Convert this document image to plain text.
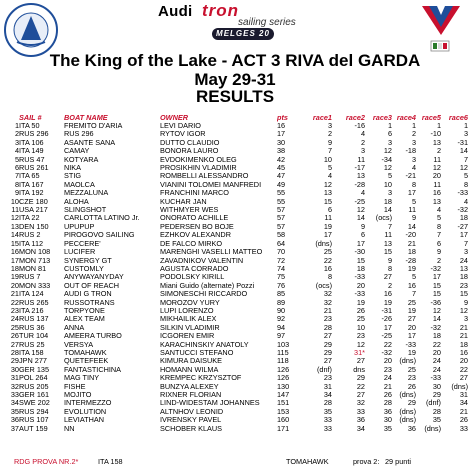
Audi tron
sailing series
MELGES 20
The King of the Lake - ACT 3 RIVA del GARDA
May 29-31
RESULTS
	SAIL #	BOAT NAME	OWNER	pts	race1	race2	race3	race4	race5	race6
1	ITA 50	FREMITO D'ARIA	LEVI DARIO	16	3	-16	1	1	1	1
2	RUS 296	RUS 296	RYTOV IGOR	17	2	4	6	2	-10	3
3	ITA 106	ASANTE SANA	DUTTO CLAUDIO	30	9	2	3	3	13	-31
4	ITA 149	CAMAY	BONORA LAURO	38	7	3	12	-18	2	14
5	RUS 47	KOTYARA	EVDOKIMENKO OLEG	42	10	11	-34	3	11	7
6	RUS 261	NIKA	PROSIKHIN VLADIMIR	45	5	-17	12	4	12	12
7	ITA 65	STIG	ROMBELLI ALESSANDRO	47	4	13	5	-21	20	5
8	ITA 167	MAOLCA	VIANINI TOLOMEI MANFREDI	49	12	-28	10	8	11	8
9	ITA 192	MEZZALUNA	FRANCHINI MARCO	55	13	4	3	17	16	-33
10	CZE 180	ALOHA	KUCHAR JAN	55	15	-25	18	5	13	4
11	USA 217	SLINGSHOT	WITHMYER WES	57	6	12	14	11	4	-32
12	ITA 22	CARLOTTA LATINO Jr.	ONORATO ACHILLE	57	11	14	(ocs)	9	5	18
13	DEN 150	UPUPUP	PEDERSEN BO BOJE	57	19	9	7	14	8	-27
14	RUS 2	PIROGOVO SAILING	EZHKOV ALEXANDR	58	17	6	11	-20	7	17
15	ITA 112	PECCERE'	DE FALCO MIRKO	64	(dns)	17	13	21	6	7
16	MON 108	LUCIFER	MARENGHI VASELLI MATTEO	70	25	-30	15	18	9	3
17	MON 713	SYNERGY GT	ZAVADNIKOV VALENTIN	72	22	15	9	-28	2	24
18	MON 81	CUSTOMLY	AGUSTA CORRADO	74	16	18	8	19	-32	13
19	RUS 7	ANYWAYANYDAY	PODOLSKY KIRILL	75	8	-33	27	5	17	18
20	MON 333	OUT OF REACH	Miani Guido (alternate) Pozzi	76	(ocs)	20	2	16	15	23
21	ITA 124	AUDI G TRON	SIMONESCHI RICCARDO	85	32	-33	16	7	15	15
22	RUS 265	RUSSOTRANS	MOROZOV YURY	89	32	19	19	25	-36	9
23	ITA 216	TORPYONE	LUPI LORENZO	90	21	26	-31	19	12	12
24	RUS 137	ALEX TEAM	MIKHAILIK ALEX	92	23	25	-26	27	14	3
25	RUS 36	ANNA	SILKIN VLADIMIR	94	28	10	17	20	-32	21
26	TUR 104	AMEERA TURBO	ICGOREN EMIR	97	27	23	-25	17	18	21
27	RUS 25	VERSYA	KARACHINSKIY ANATOLY	103	29	12	22	-33	22	18
28	ITA 158	TOMAHAWK	SANTUCCI STEFANO	115	29	31*	-32	19	20	16
29	JPN 277	QUETEFEEK	KIMURA DAISUKE	118	27	27	20	(dns)	24	20
30	GER 135	FANTASTICHINA	HOMANN WILMA	126	(dnf)	dns	23	25	24	22
31	POL 264	MAG TINY	KREMPEC KRZYSZTOF	126	23	29	24	23	-33	27
32	RUS 205	FISHE	BUNZYA ALEXEY	130	31	22	21	26	30	(dns)
33	GER 161	MOJITO	RIXNER FLORIAN	147	34	27	26	(dns)	29	31
34	SWE 202	INTERMEZZO	LIND-WIDESTAM JOHANNES	151	28	32	28	29	(dnf)	34
35	RUS 294	EVOLUTION	ALTNHOV LEONID	153	35	33	36	(dns)	28	21
36	RUS 107	LEVIATHAN	IVRENSKY PAVEL	160	33	36	30	(dns)	35	26
37	AUT 159	NN	SCHOBER KLAUS	171	33	34	35	36	(dns)	33
RDG PROVA NR.2*	ITA 158	TOMAHAWK	prova 2: 29 punti
